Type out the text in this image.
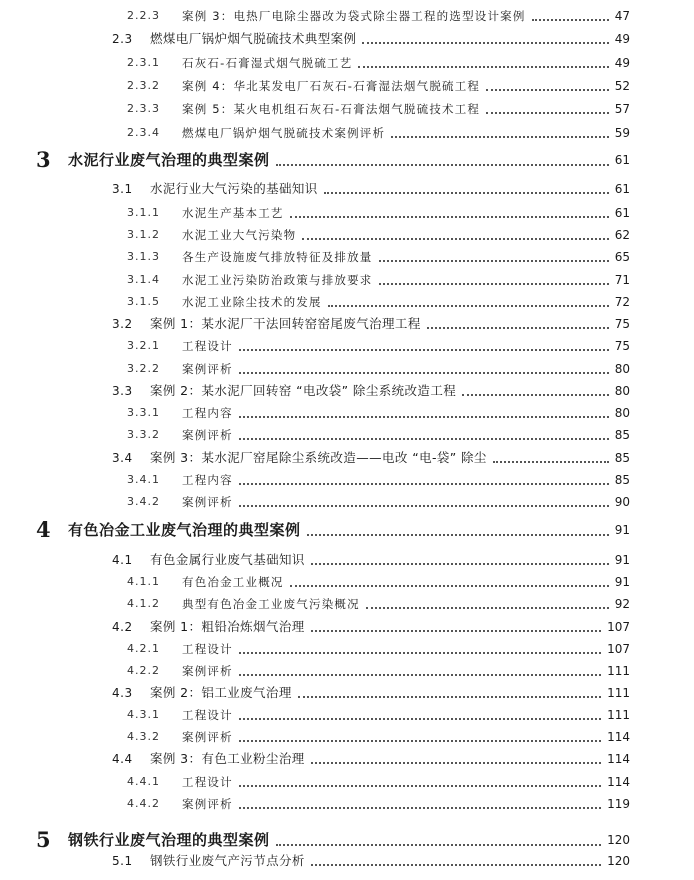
2.2.3 案例 3：电热厂电除尘器改为袋式除尘器工程的选型设计案例	47
2.3 燃煤电厂锅炉烟气脱硫技术典型案例	49
2.3.1 石灰石-石膏湿式烟气脱硫工艺	49
2.3.2 案例 4：华北某发电厂石灰石-石膏湿法烟气脱硫工程	52
2.3.3 案例 5：某火电机组石灰石-石膏法烟气脱硫技术工程	57
2.3.4 燃煤电厂锅炉烟气脱硫技术案例评析	59
3 水泥行业废气治理的典型案例	61
3.1 水泥行业大气污染的基础知识	61
3.1.1 水泥生产基本工艺	61
3.1.2 水泥工业大气污染物	62
3.1.3 各生产设施废气排放特征及排放量	65
3.1.4 水泥工业污染防治政策与排放要求	71
3.1.5 水泥工业除尘技术的发展	72
3.2 案例 1：某水泥厂干法回转窑窑尾废气治理工程	75
3.2.1 工程设计	75
3.2.2 案例评析	80
3.3 案例 2：某水泥厂回转窑 “电改袋” 除尘系统改造工程	80
3.3.1 工程内容	80
3.3.2 案例评析	85
3.4 案例 3：某水泥厂窑尾除尘系统改造——电改 “电-袋” 除尘	85
3.4.1 工程内容	85
3.4.2 案例评析	90
4 有色冶金工业废气治理的典型案例	91
4.1 有色金属行业废气基础知识	91
4.1.1 有色冶金工业概况	91
4.1.2 典型有色冶金工业废气污染概况	92
4.2 案例 1：粗铅冶炼烟气治理	107
4.2.1 工程设计	107
4.2.2 案例评析	111
4.3 案例 2：铝工业废气治理	111
4.3.1 工程设计	111
4.3.2 案例评析	114
4.4 案例 3：有色工业粉尘治理	114
4.4.1 工程设计	114
4.4.2 案例评析	119
5 钢铁行业废气治理的典型案例	120
5.1 钢铁行业废气产污节点分析	120
